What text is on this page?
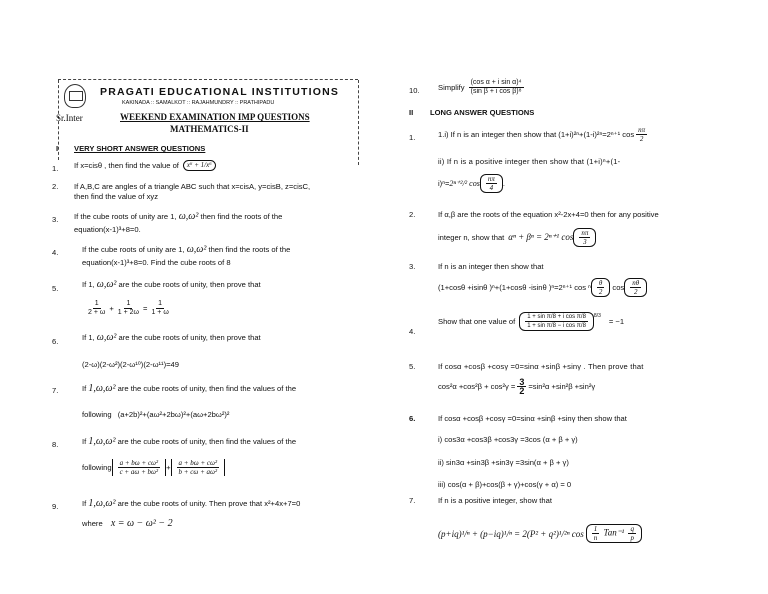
PRAGATI EDUCATIONAL INSTITUTIONS
KAKINADA :: SAMALKOT :: RAJAHMUNDRY :: PRATHIPADU
Sr.Inter	WEEKEND EXAMINATION IMP QUESTIONS
MATHEMATICS-II
I VERY SHORT ANSWER QUESTIONS
1. If x=cisθ , then find the value of	x⁶ + 1/x⁶
2. If A,B,C are angles of a triangle ABC such that x=cisA, y=cisB, z=cisC,
then find the value of xyz
3. If the cube roots of unity are 1, ω,ω² then find the roots of the
equation(x-1)³+8=0.
4.	If the cube roots of unity are 1, ω,ω² then find the roots of the
equation(x-1)³+8=0. Find the cube roots of 8
5.	If 1, ω,ω² are the cube roots of unity, then prove that
$\frac{1}{2 + \omega} + \frac{1}{1 + 2\omega} = \frac{1}{1 + \omega}$
6.	If 1, ω,ω² are the cube roots of unity, then prove that
(2-ω)(2-ω²)(2-ω¹⁰)(2-ω¹¹)=49
7.	If 1,ω,ω² are the cube roots of unity, then find the values of the
following (a+2b)²+(aω²+2bω)²+(aω+2bω²)²
8.	If 1,ω,ω² are the cube roots of unity, then find the values of the
following $\frac{\text{a + bω + cω²}}{\text{c + aω + bω²}} + \frac{\text{a + bω + cω²}}{\text{b + cω + aω²}}$
9.	If 1,ω,ω² are the cube roots of unity. Then prove that x²+4x+7=0
where x = ω − ω² − 2
10. Simplify $\frac{\text{(cos α + i sin α)⁴}}{\text{(sin β + i cos β)⁸}}$
II LONG ANSWER QUESTIONS
1.	1.i) If n is an integer then show that (1+i)²ⁿ+(1-i)²ⁿ=2ⁿ⁺¹ $\cos \frac{n\pi}{2}$
ii) If n is a positive integer then show that (1+i)ⁿ+(1-
i)ⁿ= 2ⁿ⁺²/² $\cos \frac{n\pi}{4}$ .
2.	If α,β are the roots of the equation x²-2x+4=0 then for any positive
integer n, show that αⁿ + βⁿ = 2ⁿ⁺¹ $\cos \frac{n\pi}{3}$
3.	If n is an integer then show that
(1+cosθ +isinθ )ⁿ+(1+cosθ -isinθ )ⁿ=2ⁿ⁺¹ cos ⁿ $\frac{\theta}{2}$ $\cos \frac{n\theta}{2}$
4.
Show that one value of $\frac{\text{1 + sin π/8 + i cos π/8}}{\text{1 + sin π/8 − i cos π/8}} ^{8/3}$
= −1
5.	If cosα +cosβ +cosγ =0=sinα +sinβ +sinγ . Then prove that
$\cos^2\alpha +\cos^2\beta + \cos^2\gamma = \frac{3}{2} =\sin^2\alpha +\sin^2\beta +\sin^2\gamma$
6.	If cosα +cosβ +cosγ =0=sinα +sinβ +sinγ then show that
i) cos3α +cos3β +cos3γ =3cos (α + β + γ)
ii) sin3α +sin3β +sin3γ =3sin(α + β + γ)
iii) cos(α + β)+cos(β + γ)+cos(γ + α) = 0
7.	If n is a positive integer, show that
(p+iq)¹/ⁿ + (p−iq)¹/ⁿ = 2(P² + q²)¹/²ⁿ $\cos \frac{1}{n} Tan^{-1} \frac{q}{p}$
